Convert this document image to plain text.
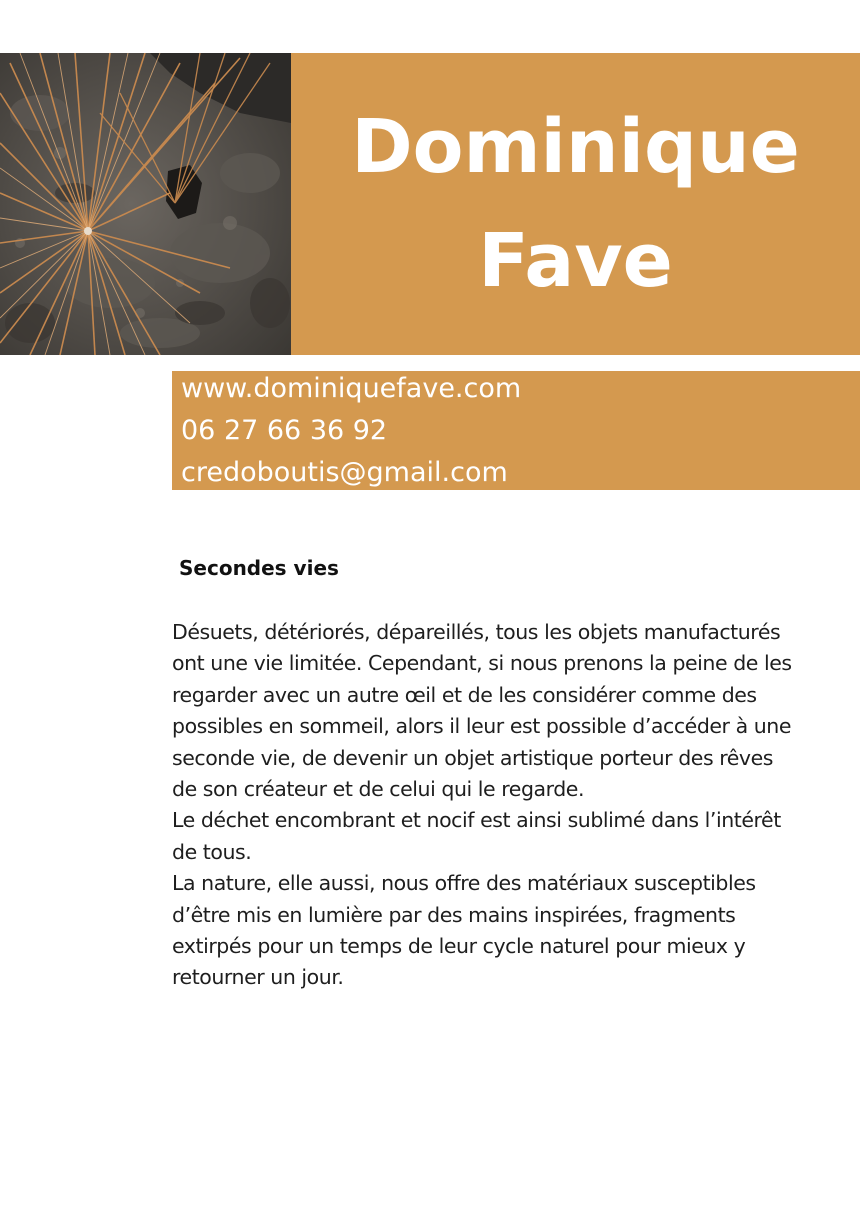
Dominique
Fave
www.dominiquefave.com
06 27 66 36 92
credoboutis@gmail.com
Secondes vies
Désuets, détériorés, dépareillés, tous les objets manufacturés
ont une vie limitée. Cependant, si nous prenons la peine de les
regarder avec un autre œil et de les considérer comme des
possibles en sommeil, alors il leur est possible d’accéder à une
seconde vie, de devenir un objet artistique porteur des rêves
de son créateur et de celui qui le regarde.
Le déchet encombrant et nocif est ainsi sublimé dans l’intérêt
de tous.
La nature, elle aussi, nous offre des matériaux susceptibles
d’être mis en lumière par des mains inspirées, fragments
extirpés pour un temps de leur cycle naturel pour mieux y
retourner un jour.
